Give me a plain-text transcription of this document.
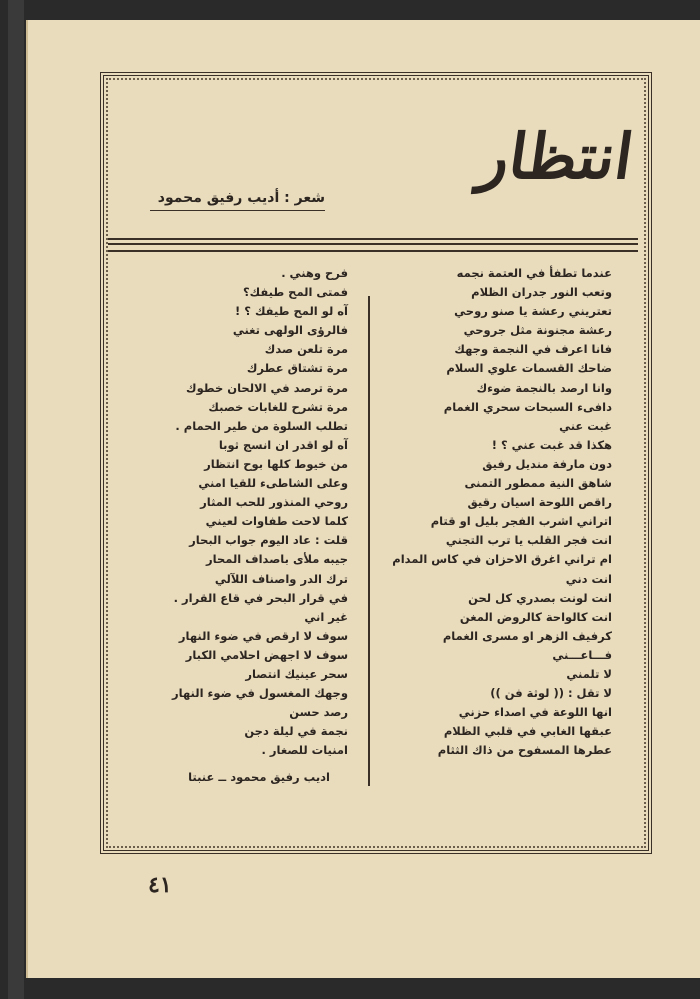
انتظار
شعر : أديب رفيق محمود
عندما تطفأ في العتمة نجمه
وتعب النور جدران الظلام
تعتريني رعشة يا صنو روحي
رعشة مجنونة مثل جروحي
فانا اعرف في النجمة وجهك
ضاحك القسمات علوي السلام
وانا ارصد بالنجمة ضوءك
دافىء السبحات سحري الغمام
غبت عني
هكذا قد غبت عني ؟ !
دون مارفة منديل رفيق
شاهق النية ممطور التمنى
راقص اللوحة اسيان رقيق
اتراني اشرب الفجر بليل او قتام
انت فجر القلب يا ترب التجني
ام تراني اغرق الاحزان في كاس المدام
انت دني
انت لونت بصدري كل لحن
انت كالواحة كالروض المغن
كرفيف الزهر او مسرى الغمام
فـــاعـــني
لا تلمني
لا تقل : (( لوثة فن ))
انها اللوعة في اصداء حزني
عبقها الغابي في قلبي الظلام
عطرها المسفوح من ذاك الثثام
فرح وهني .
فمتى المح طيفك؟
آه لو المح طيفك ؟ !
فالرؤى الولهى تغني
مرة تلعن صدك
مرة تشتاق عطرك
مرة ترصد في الالحان خطوك
مرة تشرح للغابات خصبك
تطلب السلوة من طير الحمام .
آه لو اقدر ان انسج ثوبا
من خيوط كلها بوح انتظار
وعلى الشاطىء للقيا امني
روحي المنذور للحب المثار
كلما لاحت طفاوات لعيني
قلت : عاد اليوم جواب البحار
جيبه ملأى باصداف المحار
ترك الدر واصناف اللآلي
في قرار البحر في قاع القرار .
غير اني
سوف لا ارقص في ضوء النهار
سوف لا اجهض احلامي الكبار
سحر عينيك انتصار
وجهك المغسول في ضوء النهار
رصد حسن
نجمة في ليلة دجن
امنيات للصغار .
اديب رفيق محمود ــ عنبتا
٤١
